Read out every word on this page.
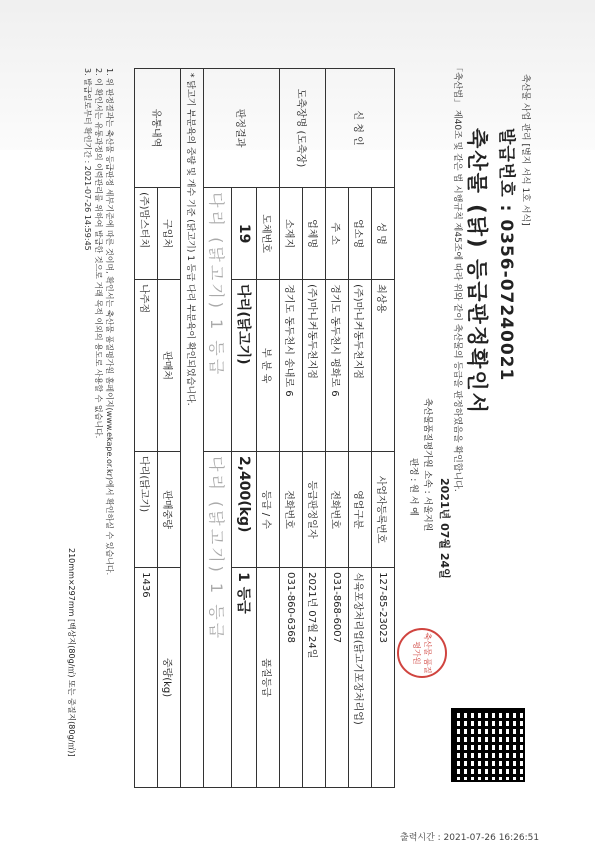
축산물 사업 관리 [별지 서식 1호 서식]
발급번호 : 0356-07240021
축산물 (닭) 등급판정확인서
「축산법」 제40조 및 같은 법 시행규칙 제45조에 따라 위와 같이 축산물의 등급을 판정하였음을 확인합니다.
2021년 07월 24일
축산물품질평가원 소속 : 서울지원
판정 : 원 서 예
축산물 품질평가원
신 청 인	성 명	최상용	사업자등록번호	127-85-23023
	업소명	(주)마니커동두천지점	영업구분	식육포장처리업(닭고기포장처리업)
	주 소	경기도 동두천시 평화로 6	전화번호	031-868-6007
도축장명 (도축장)	업체명	(주)마니커동두천지점	등급판정일자	2021년 07월 24일
	소재지	경기도 동두천시 송내로 6	전화번호	031-860-6368
판정결과	도체번호	부 분 육	등급 / 수	품질등급
	19	다리(닭고기)	2,400(kg)	1 등급
	다리 (닭고기) 1 등급		다리 (닭고기) 1 등급	
* 닭고기 부분육의 중량 및 개수 기준 (닭고기) 1 등급 다리 부분육이 확인되었습니다.				
유통내역	구입처	판매처	판매중량	중량(kg)
	(주)맘스터치	나주점	다리(닭고기)	1436
1. 위 판정결과는 축산물 등급판정 세부기준에 따른 것이며, 확인서는 축산물 품질평가원 홈페이지(www.ekape.or.kr)에서 확인하실 수 있습니다.
2. 이 확인서는 유통과정의 이력관리를 위하여 발급한 것으로 거래 목적 이외의 용도로 사용할 수 없습니다.
3. 발급일로부터 확인기간 : 2021-07-26 14:59:45
210mm×297mm [백상지(80g/㎡) 또는 중질지(80g/㎡)]
출력시간 : 2021-07-26 16:26:51
